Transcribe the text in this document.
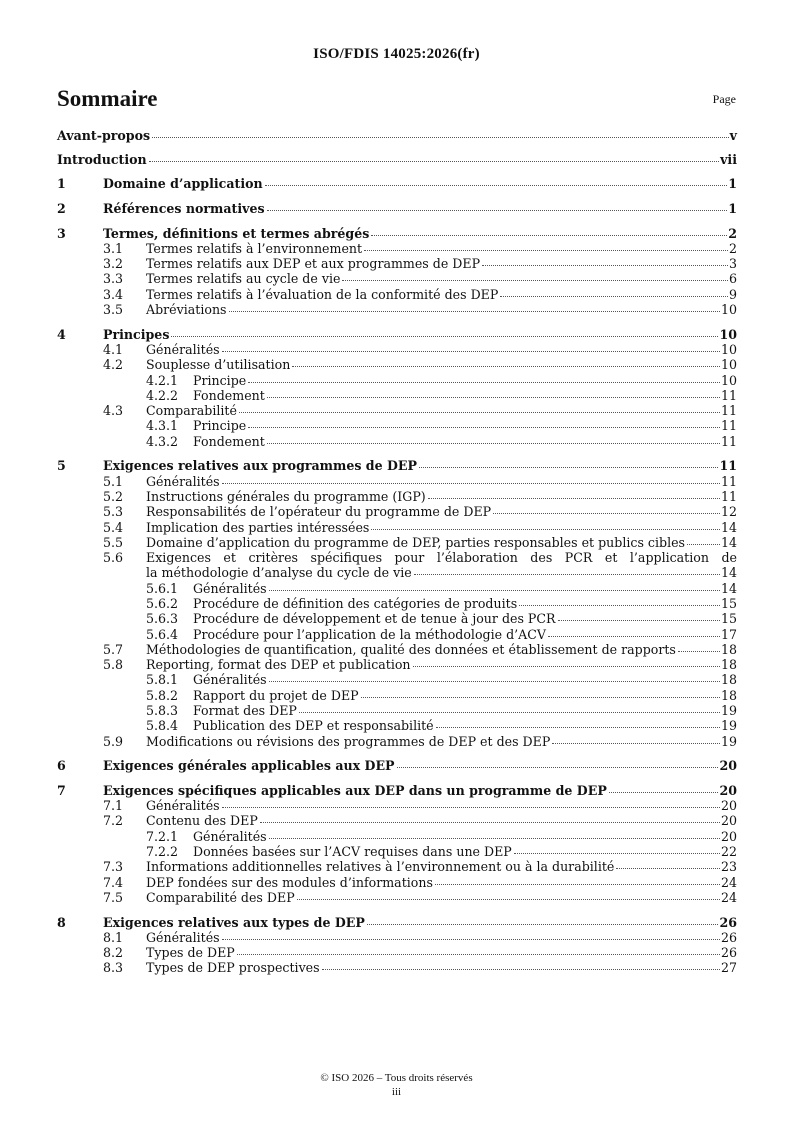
ISO/FDIS 14025:2026(fr)
Sommaire	Page
Avant-propos	v
Introduction	vii
1	Domaine d’application	1
2	Références normatives	1
3	Termes, définitions et termes abrégés	2
3.1	Termes relatifs à l’environnement	2
3.2	Termes relatifs aux DEP et aux programmes de DEP	3
3.3	Termes relatifs au cycle de vie	6
3.4	Termes relatifs à l’évaluation de la conformité des DEP	9
3.5	Abréviations	10
4	Principes	10
4.1	Généralités	10
4.2	Souplesse d’utilisation	10
4.2.1	Principe	10
4.2.2	Fondement	11
4.3	Comparabilité	11
4.3.1	Principe	11
4.3.2	Fondement	11
5	Exigences relatives aux programmes de DEP	11
5.1	Généralités	11
5.2	Instructions générales du programme (IGP)	11
5.3	Responsabilités de l’opérateur du programme de DEP	12
5.4	Implication des parties intéressées	14
5.5	Domaine d’application du programme de DEP, parties responsables et publics cibles	14
5.6 Exigences et critères spécifiques pour l’élaboration des PCR et l’application de
la méthodologie d’analyse du cycle de vie	14
5.6.1	Généralités	14
5.6.2	Procédure de définition des catégories de produits	15
5.6.3	Procédure de développement et de tenue à jour des PCR	15
5.6.4	Procédure pour l’application de la méthodologie d’ACV	17
5.7	Méthodologies de quantification, qualité des données et établissement de rapports	18
5.8	Reporting, format des DEP et publication	18
5.8.1	Généralités	18
5.8.2	Rapport du projet de DEP	18
5.8.3	Format des DEP	19
5.8.4	Publication des DEP et responsabilité	19
5.9	Modifications ou révisions des programmes de DEP et des DEP	19
6	Exigences générales applicables aux DEP	20
7	Exigences spécifiques applicables aux DEP dans un programme de DEP	20
7.1	Généralités	20
7.2	Contenu des DEP	20
7.2.1	Généralités	20
7.2.2	Données basées sur l’ACV requises dans une DEP	22
7.3	Informations additionnelles relatives à l’environnement ou à la durabilité	23
7.4	DEP fondées sur des modules d’informations	24
7.5	Comparabilité des DEP	24
8	Exigences relatives aux types de DEP	26
8.1	Généralités	26
8.2	Types de DEP	26
8.3	Types de DEP prospectives	27
© ISO 2026 – Tous droits réservés
iii
